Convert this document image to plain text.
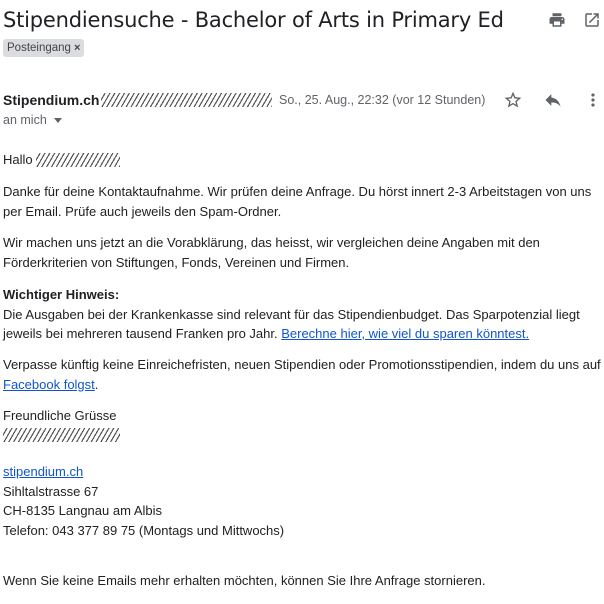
Stipendiensuche - Bachelor of Arts in Primary Ed
Posteingang ×
Stipendium.ch	So., 25. Aug., 22:32 (vor 12 Stunden)
an mich
Hallo
Danke für deine Kontaktaufnahme. Wir prüfen deine Anfrage. Du hörst innert 2-3 Arbeitstagen von uns
per Email. Prüfe auch jeweils den Spam-Ordner.
Wir machen uns jetzt an die Vorabklärung, das heisst, wir vergleichen deine Angaben mit den
Förderkriterien von Stiftungen, Fonds, Vereinen und Firmen.
Wichtiger Hinweis:
Die Ausgaben bei der Krankenkasse sind relevant für das Stipendienbudget. Das Sparpotenzial liegt
jeweils bei mehreren tausend Franken pro Jahr. Berechne hier, wie viel du sparen könntest.
Verpasse künftig keine Einreichefristen, neuen Stipendien oder Promotionsstipendien, indem du uns auf
Facebook folgst.
Freundliche Grüsse
stipendium.ch
Sihltalstrasse 67
CH-8135 Langnau am Albis
Telefon: 043 377 89 75 (Montags und Mittwochs)
Wenn Sie keine Emails mehr erhalten möchten, können Sie Ihre Anfrage stornieren.
